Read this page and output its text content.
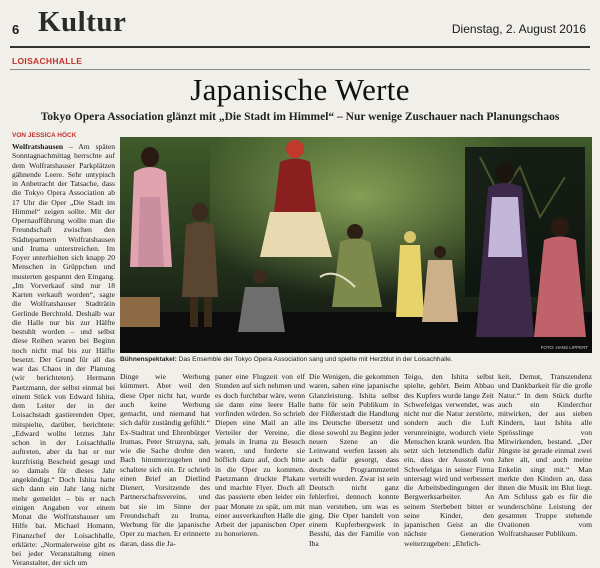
6 Kultur	Dienstag, 2. August 2016
LOISACHHALLE
Japanische Werte
Tokyo Opera Association glänzt mit „Die Stadt im Himmel“ – Nur wenige Zuschauer nach Planungschaos
VON JESSICA HÖCK
Wolfratshausen – Am späten Sonntagnachmittag herrschte auf dem Wolfratshauser Parkplätzen gähnende Leere. Sehr untypisch in Anbetracht der Tatsache, dass die Tokyo Opera Association ab 17 Uhr die Oper „Die Stadt im Himmel“ zeigen sollte. Mit der Opernaufführung wollte man die Freundschaft zwischen den Städtepartnern Wolfratshausen und Iruma unterstreichen. Im Foyer unterhielten sich knapp 20 Menschen in Grüppchen und musterten gespannt den Eingang. „Im Vorverkauf sind nur 18 Karten verkauft worden“, sagte die Wolfratshauser Stadträtin Gerlinde Berchtold. Deshalb war die Halle nur bis zur Hälfte bestuhlt worden – und selbst diese Reihen waren bei Beginn noch nicht mal bis zur Hälfte besetzt. Der Grund für all das war das Chaos in der Planung (wir berichteten). Hermann Paetzmann, der selbst einmal bei einem Stück von Edward Ishita, dem Leiter der in der Loisachstadt gastierenden Oper, mitspielte, darüber, berichtete: „Edward wollte letztes Jahr schon in der Loisachhalle auftreten, aber da hat er nur kurzfristig Bescheid gesagt und so damals für dieses Jahr angekündigt.“ Doch Ishita hatte sich dann ein Jahr lang nicht mehr gemeldet – bis er nach einigen Angaben vor einem Monat die Wolfratshauser um Hilfe bat. Michael Homann, Finanzchef der Loisachhalle, erklärte: „Normalerweise gibt es bei jeder Veranstaltung einen Veranstalter, der sich um
FOTO: HANS LIPPERT
Bühnenspektakel: Das Ensemble der Tokyo Opera Association sang und spielte mit Herzblut in der Loisachhalle.
Dinge wie Werbung kümmert. Aber weil den diese Oper nicht hat, wurde auch keine Werbung gemacht, und niemand hat sich dafür zuständig gefühlt.“ Ex-Stadtrat und Ehrenbürger Irumas, Peter Struzyna, sah, wie die Sache drohte den Bach hinunterzugehen und schaltete sich ein. Er schrieb einen Brief an Dietlind Dienert, Vorsitzende des Partnerschaftsvereins, und bat sie im Sinne der Freundschaft zu Iruma, Werbung für die japanische Oper zu machen. Er erinnerte daran, dass die Ja-
paner eine Flugzeit von elf Stunden auf sich nehmen und es doch furchtbar wäre, wenn sie dann eine leere Halle vorfinden würden. So schrieb Diepen eine Mail an alle Verteiler der Vereine, die jemals in Iruma zu Besuch waren, und forderte sie höflich dazu auf, doch bitte in die Oper zu kommen. Paetzmann druckte Plakate und machte Flyer. Doch all das passierte eben leider ein paar Monate zu spät, um mit einer ausverkauften Halle die Arbeit der japanischen Oper zu honorieren.
Die Wenigen, die gekommen waren, sahen eine japanische Glanzleistung. Ishita selbst hatte für sein Publikum in der Flößerstadt die Handlung ins Deutsche übersetzt und diese sowohl zu Beginn jeder neuen Szene an die Leinwand werfen lassen als auch dafür gesorgt, dass deutsche Programmzettel verteilt wurden. Zwar ist sein Deutsch nicht ganz fehlerfrei, dennoch konnte man verstehen, um was es ging. Die Oper handelt von einem Kupferbergwerk in Besshi, das der Familie von Iba
Teigo, den Ishita selbst spielte, gehört. Beim Abbau des Kupfers wurde lange Zeit Schwefelgas verwendet, was nicht nur die Natur zerstörte, sondern auch die Luft verunreinigte, wodurch viele Menschen krank wurden. Iba setzt sich letztendlich dafür ein, dass der Ausstoß von Schwefelgas in seiner Firma untersagt wird und verbessert die Arbeitsbedingungen der Bergwerksarbeiter. An seinem Sterbebett bittet er seine Kinder, den japanischen Geist an die nächste Generation weiterzugeben: „Ehrlich-
keit, Demut, Transzendenz und Dankbarkeit für die große Natur.“ In dem Stück durfte auch ein Kinderchor mitwirken, der aus sieben Kindern, laut Ishita alle Sprösslinge von Mitwirkenden, bestand. „Der Jüngste ist gerade einmal zwei Jahre alt, und auch meine Enkelin singt mit.“ Man merkte den Kindern an, dass ihnen die Musik im Blut liegt. Am Schluss gab es für die wunderschöne Leistung der gesamten Truppe stehende Ovationen vom Wolfratshauser Publikum.
